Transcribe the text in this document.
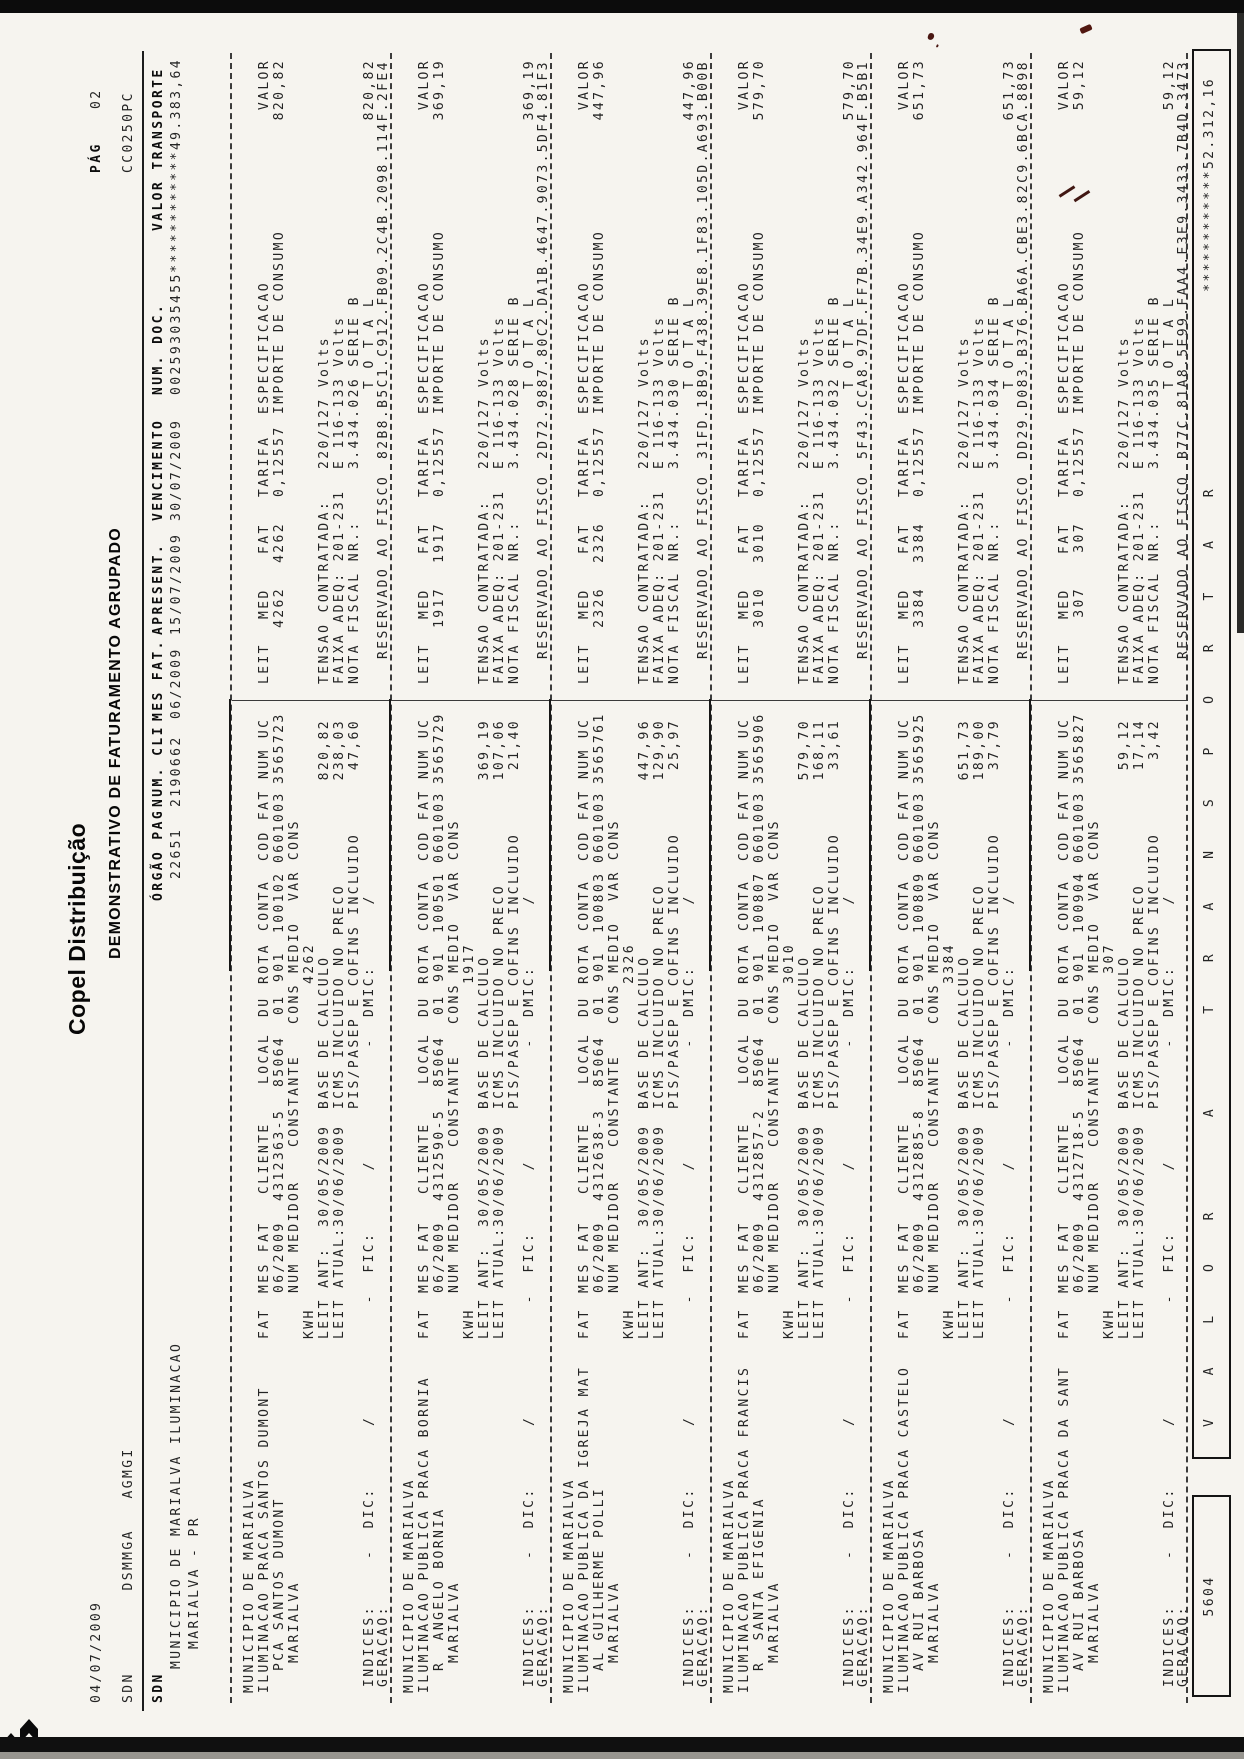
04/07/2009 SDN        DSMMGA   AGMGI
Copel Distribuição DEMONSTRATIVO DE FATURAMENTO AGRUPADO
PÁG
02 CC0250PC
SDN
ÓRGÃO PAG
NUM. CLI
MES FAT.
APRESENT.
VENCIMENTO
NUM. DOC.
VALOR TRANSPORTE
MUNICIPIO DE MARIALVA ILUMINACAO
22651
2190662
06/2009
15/07/2009
30/07/2009
002593035455
************49.383,64
MARIALVA - PR

	MUNICIPIO DE MARIALVA

ILUMINACAO PRACA SANTOS DUMONT

FAT

MES FAT

CLIENTE

LOCAL

DU

ROTA

CONTA

COD FAT

NUM UC

LEIT

MED

FAT

TARIFA

ESPECIFICACAO

VALOR

PCA SANTOS DUMONT

06/2009

4312363-5

85064

01

901

100102

0601003

3565723

4262

4262

0,12557

IMPORTE DE CONSUMO

820,82

MARIALVA

NUM MEDIDOR

CONSTANTE

CONS MEDIO

VAR CONS

KWH

4262

LEIT ANT:

30/05/2009

BASE DE CALCULO

820,82

TENSAO CONTRATADA:

220/127 Volts

LEIT ATUAL:

30/06/2009

ICMS INCLUIDO NO PRECO

238,03

FAIXA ADEQ: 201-231

E 116-133 Volts

PIS/PASEP E COFINS INCLUIDO

47,60

NOTA FISCAL NR.:

3.434.026 SERIE B

INDICES:

-  DIC:      /           -  FIC:      /           -  DMIC:      /

T O T A L

820,82

GERACAO:

RESERVADO AO FISCO

82B8.B5C1.C912.FB09.2C4B.2098.114F.2FE4

MUNICIPIO DE MARIALVA

ILUMINACAO PUBLICA PRACA BORNIA

FAT

MES FAT

CLIENTE

LOCAL

DU

ROTA

CONTA

COD FAT

NUM UC

LEIT

MED

FAT

TARIFA

ESPECIFICACAO

VALOR

R  ANGELO BORNIA

06/2009

4312590-5

85064

01

901

100501

0601003

3565729

1917

1917

0,12557

IMPORTE DE CONSUMO

369,19

MARIALVA

NUM MEDIDOR

CONSTANTE

CONS MEDIO

VAR CONS

KWH

1917

LEIT ANT:

30/05/2009

BASE DE CALCULO

369,19

TENSAO CONTRATADA:

220/127 Volts

LEIT ATUAL:

30/06/2009

ICMS INCLUIDO NO PRECO

107,06

FAIXA ADEQ: 201-231

E 116-133 Volts

PIS/PASEP E COFINS INCLUIDO

21,40

NOTA FISCAL NR.:

3.434.028 SERIE B

INDICES:

-  DIC:      /           -  FIC:      /           -  DMIC:      /

T O T A L

369,19

GERACAO:

RESERVADO AO FISCO

2D72.9887.80C2.DA1B.4647.9073.5DF4.81F3

MUNICIPIO DE MARIALVA

ILUMINACAO PUBLICA DA IGREJA MAT

FAT

MES FAT

CLIENTE

LOCAL

DU

ROTA

CONTA

COD FAT

NUM UC

LEIT

MED

FAT

TARIFA

ESPECIFICACAO

VALOR

AL GUILHERME POLLI

06/2009

4312638-3

85064

01

901

100803

0601003

3565761

2326

2326

0,12557

IMPORTE DE CONSUMO

447,96

MARIALVA

NUM MEDIDOR

CONSTANTE

CONS MEDIO

VAR CONS

KWH

2326

LEIT ANT:

30/05/2009

BASE DE CALCULO

447,96

TENSAO CONTRATADA:

220/127 Volts

LEIT ATUAL:

30/06/2009

ICMS INCLUIDO NO PRECO

129,90

FAIXA ADEQ: 201-231

E 116-133 Volts

PIS/PASEP E COFINS INCLUIDO

25,97

NOTA FISCAL NR.:

3.434.030 SERIE B

INDICES:

-  DIC:      /           -  FIC:      /           -  DMIC:      /

T O T A L

447,96

GERACAO:

RESERVADO AO FISCO

31FD.18B9.F438.39E8.1F83.105D.A693.B00B

MUNICIPIO DE MARIALVA

ILUMINACAO PUBLICA PRACA FRANCIS

FAT

MES FAT

CLIENTE

LOCAL

DU

ROTA

CONTA

COD FAT

NUM UC

LEIT

MED

FAT

TARIFA

ESPECIFICACAO

VALOR

R  SANTA EFIGENIA

06/2009

4312857-2

85064

01

901

100807

0601003

3565906

3010

3010

0,12557

IMPORTE DE CONSUMO

579,70

MARIALVA

NUM MEDIDOR

CONSTANTE

CONS MEDIO

VAR CONS

KWH

3010

LEIT ANT:

30/05/2009

BASE DE CALCULO

579,70

TENSAO CONTRATADA:

220/127 Volts

LEIT ATUAL:

30/06/2009

ICMS INCLUIDO NO PRECO

168,11

FAIXA ADEQ: 201-231

E 116-133 Volts

PIS/PASEP E COFINS INCLUIDO

33,61

NOTA FISCAL NR.:

3.434.032 SERIE B

INDICES:

-  DIC:      /           -  FIC:      /           -  DMIC:      /

T O T A L

579,70

GERACAO:

RESERVADO AO FISCO

5F43.CCA8.97DF.FF7B.34E9.A342.964F.B5B1

MUNICIPIO DE MARIALVA

ILUMINACAO PUBLICA PRACA CASTELO

FAT

MES FAT

CLIENTE

LOCAL

DU

ROTA

CONTA

COD FAT

NUM UC

LEIT

MED

FAT

TARIFA

ESPECIFICACAO

VALOR

AV RUI BARBOSA

06/2009

4312885-8

85064

01

901

100809

0601003

3565925

3384

3384

0,12557

IMPORTE DE CONSUMO

651,73

MARIALVA

NUM MEDIDOR

CONSTANTE

CONS MEDIO

VAR CONS

KWH

3384

LEIT ANT:

30/05/2009

BASE DE CALCULO

651,73

TENSAO CONTRATADA:

220/127 Volts

LEIT ATUAL:

30/06/2009

ICMS INCLUIDO NO PRECO

189,00

FAIXA ADEQ: 201-231

E 116-133 Volts

PIS/PASEP E COFINS INCLUIDO

37,79

NOTA FISCAL NR.:

3.434.034 SERIE B

INDICES:

-  DIC:      /           -  FIC:      /           -  DMIC:      /

T O T A L

651,73

GERACAO:

RESERVADO AO FISCO

DD29.D083.B376.BA6A.CBE3.82C9.6BCA.8898

MUNICIPIO DE MARIALVA

ILUMINACAO PUBLICA PRACA DA SANT

FAT

MES FAT

CLIENTE

LOCAL

DU

ROTA

CONTA

COD FAT

NUM UC

LEIT

MED

FAT

TARIFA

ESPECIFICACAO

VALOR

AV RUI BARBOSA

06/2009

4312718-5

85064

01

901

100904

0601003

3565827

307

307

0,12557

IMPORTE DE CONSUMO

59,12

MARIALVA

NUM MEDIDOR

CONSTANTE

CONS MEDIO

VAR CONS

KWH

307

LEIT ANT:

30/05/2009

BASE DE CALCULO

59,12

TENSAO CONTRATADA:

220/127 Volts

LEIT ATUAL:

30/06/2009

ICMS INCLUIDO NO PRECO

17,14

FAIXA ADEQ: 201-231

E 116-133 Volts

PIS/PASEP E COFINS INCLUIDO

3,42

NOTA FISCAL NR.:

3.434.035 SERIE B

INDICES:

-  DIC:      /           -  FIC:      /           -  DMIC:      /

T O T A L

59,12

GERACAO:

RESERVADO AO FISCO

B77C.81A8.5E99.FAA4.E3E9.3433.7B4D.3473

5604

V A L O R   A   T R A N S P O R T A R

************52.312,16
